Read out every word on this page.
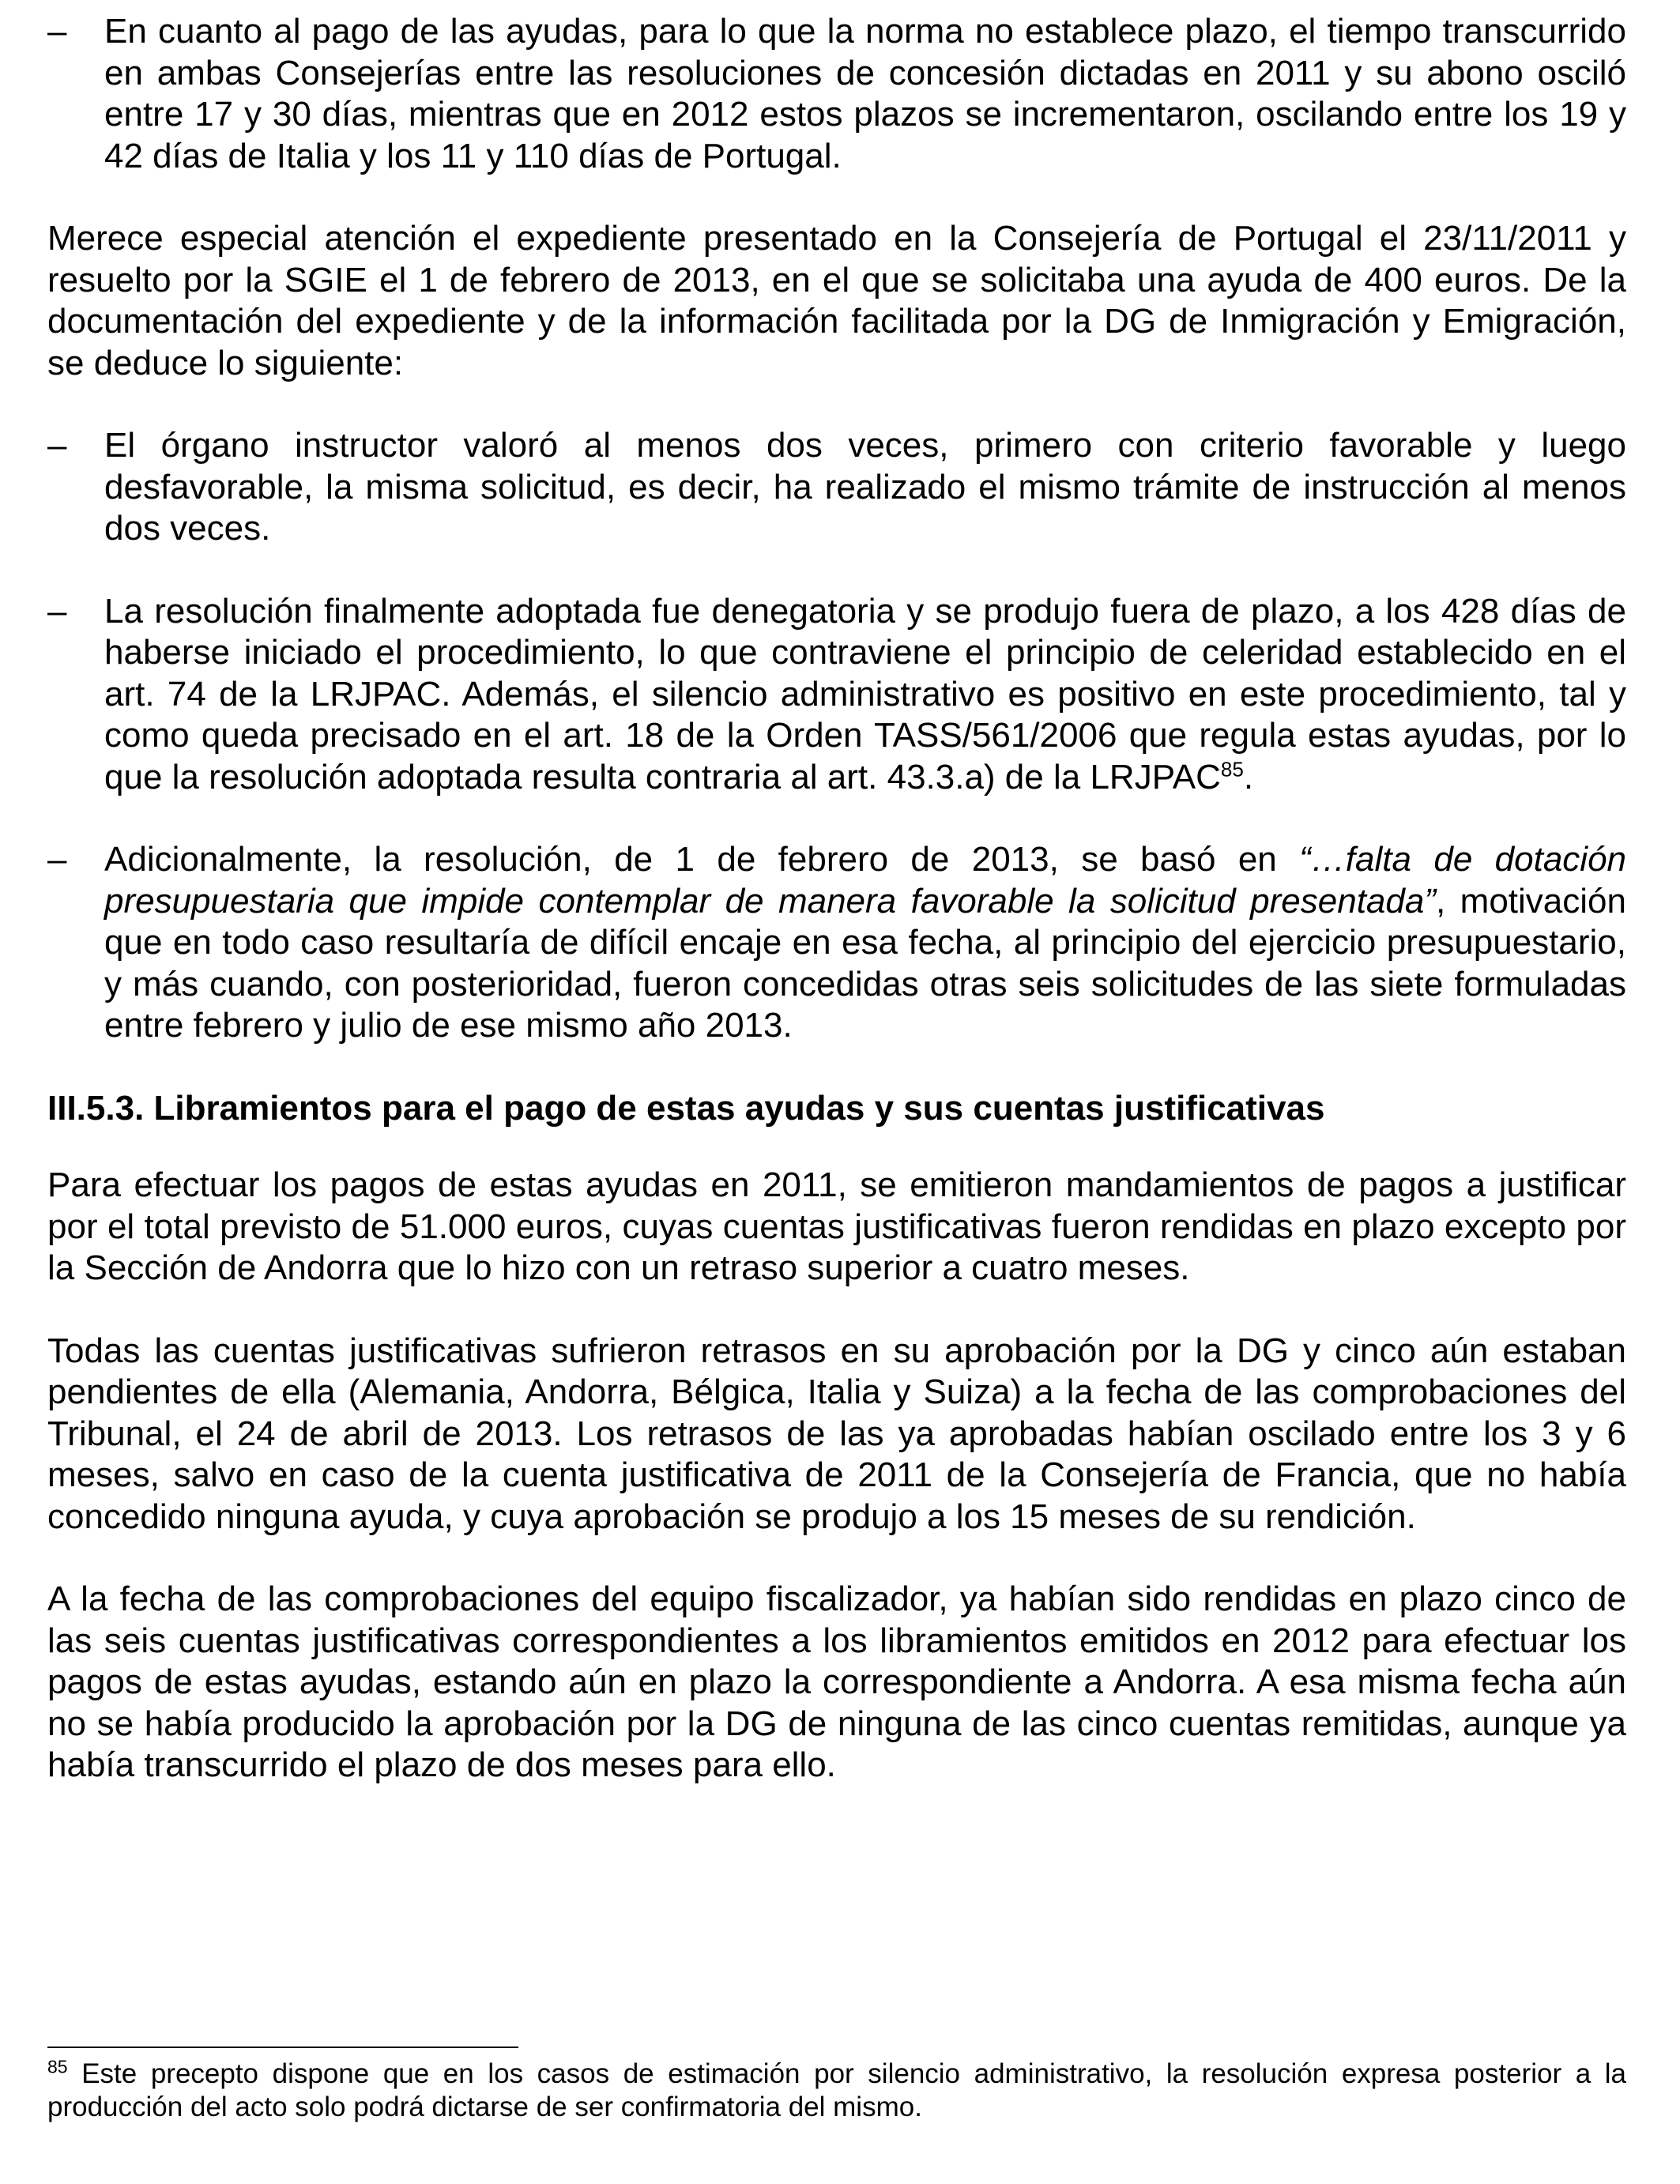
–	En cuanto al pago de las ayudas, para lo que la norma no establece plazo, el tiempo transcurrido en ambas Consejerías entre las resoluciones de concesión dictadas en 2011 y su abono osciló entre 17 y 30 días, mientras que en 2012 estos plazos se incrementaron, oscilando entre los 19 y 42 días de Italia y los 11 y 110 días de Portugal.

Merece especial atención el expediente presentado en la Consejería de Portugal el 23/11/2011 y resuelto por la SGIE el 1 de febrero de 2013, en el que se solicitaba una ayuda de 400 euros. De la documentación del expediente y de la información facilitada por la DG de Inmigración y Emigración, se deduce lo siguiente:

–	El órgano instructor valoró al menos dos veces, primero con criterio favorable y luego desfavorable, la misma solicitud, es decir, ha realizado el mismo trámite de instrucción al menos dos veces.

–	La resolución finalmente adoptada fue denegatoria y se produjo fuera de plazo, a los 428 días de haberse iniciado el procedimiento, lo que contraviene el principio de celeridad establecido en el art. 74 de la LRJPAC. Además, el silencio administrativo es positivo en este procedimiento, tal y como queda precisado en el art. 18 de la Orden TASS/561/2006 que regula estas ayudas, por lo que la resolución adoptada resulta contraria al art. 43.3.a) de la LRJPAC$^{85}$.

–	Adicionalmente, la resolución, de 1 de febrero de 2013, se basó en “…falta de dotación presupuestaria que impide contemplar de manera favorable la solicitud presentada”, motivación que en todo caso resultaría de difícil encaje en esa fecha, al principio del ejercicio presupuestario, y más cuando, con posterioridad, fueron concedidas otras seis solicitudes de las siete formuladas entre febrero y julio de ese mismo año 2013.

III.5.3. Libramientos para el pago de estas ayudas y sus cuentas justificativas

Para efectuar los pagos de estas ayudas en 2011, se emitieron mandamientos de pagos a justificar por el total previsto de 51.000 euros, cuyas cuentas justificativas fueron rendidas en plazo excepto por la Sección de Andorra que lo hizo con un retraso superior a cuatro meses.

Todas las cuentas justificativas sufrieron retrasos en su aprobación por la DG y cinco aún estaban pendientes de ella (Alemania, Andorra, Bélgica, Italia y Suiza) a la fecha de las comprobaciones del Tribunal, el 24 de abril de 2013. Los retrasos de las ya aprobadas habían oscilado entre los 3 y 6 meses, salvo en caso de la cuenta justificativa de 2011 de la Consejería de Francia, que no había concedido ninguna ayuda, y cuya aprobación se produjo a los 15 meses de su rendición.

A la fecha de las comprobaciones del equipo fiscalizador, ya habían sido rendidas en plazo cinco de las seis cuentas justificativas correspondientes a los libramientos emitidos en 2012 para efectuar los pagos de estas ayudas, estando aún en plazo la correspondiente a Andorra. A esa misma fecha aún no se había producido la aprobación por la DG de ninguna de las cinco cuentas remitidas, aunque ya había transcurrido el plazo de dos meses para ello.

$^{85}$ Este precepto dispone que en los casos de estimación por silencio administrativo, la resolución expresa posterior a la producción del acto solo podrá dictarse de ser confirmatoria del mismo.
